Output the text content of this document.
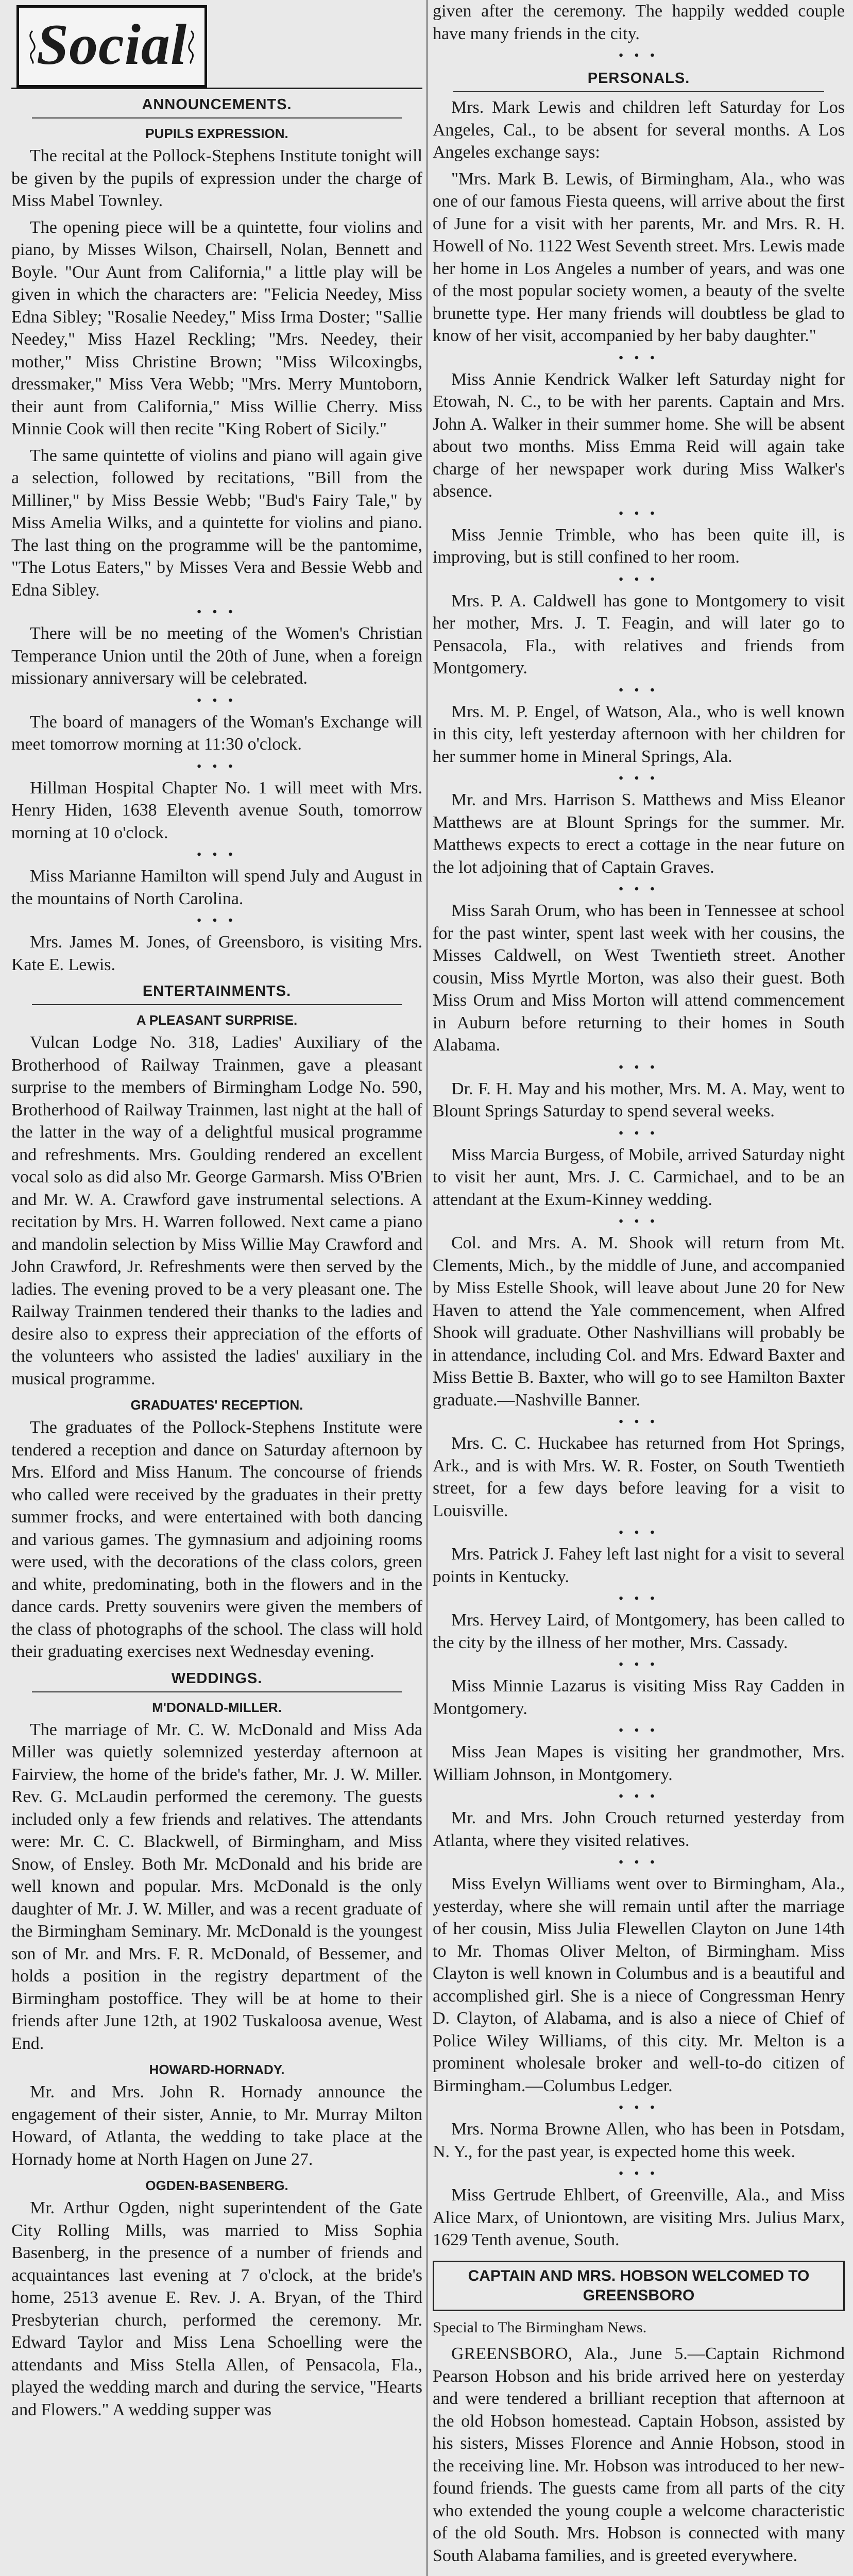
Social
ANNOUNCEMENTS.
PUPILS EXPRESSION.

The recital at the Pollock-Stephens Institute tonight will be given by the pupils of expression under the charge of Miss Mabel Townley.

The opening piece will be a quintette, four violins and piano, by Misses Wilson, Chairsell, Nolan, Bennett and Boyle. "Our Aunt from California," a little play will be given in which the characters are: "Felicia Needey, Miss Edna Sibley; "Rosalie Needey," Miss Irma Doster; "Sallie Needey," Miss Hazel Reckling; "Mrs. Needey, their mother," Miss Christine Brown; "Miss Wilcoxingbs, dressmaker," Miss Vera Webb; "Mrs. Merry Muntoborn, their aunt from California," Miss Willie Cherry. Miss Minnie Cook will then recite "King Robert of Sicily."

The same quintette of violins and piano will again give a selection, followed by recitations, "Bill from the Milliner," by Miss Bessie Webb; "Bud's Fairy Tale," by Miss Amelia Wilks, and a quintette for violins and piano. The last thing on the programme will be the pantomime, "The Lotus Eaters," by Misses Vera and Bessie Webb and Edna Sibley.

• • •

There will be no meeting of the Women's Christian Temperance Union until the 20th of June, when a foreign missionary anniversary will be celebrated.

• • •

The board of managers of the Woman's Exchange will meet tomorrow morning at 11:30 o'clock.

• • •

Hillman Hospital Chapter No. 1 will meet with Mrs. Henry Hiden, 1638 Eleventh avenue South, tomorrow morning at 10 o'clock.

• • •

Miss Marianne Hamilton will spend July and August in the mountains of North Carolina.

• • •

Mrs. James M. Jones, of Greensboro, is visiting Mrs. Kate E. Lewis.

ENTERTAINMENTS.
A PLEASANT SURPRISE.

Vulcan Lodge No. 318, Ladies' Auxiliary of the Brotherhood of Railway Trainmen, gave a pleasant surprise to the members of Birmingham Lodge No. 590, Brotherhood of Railway Trainmen, last night at the hall of the latter in the way of a delightful musical programme and refreshments. Mrs. Goulding rendered an excellent vocal solo as did also Mr. George Garmarsh. Miss O'Brien and Mr. W. A. Crawford gave instrumental selections. A recitation by Mrs. H. Warren followed. Next came a piano and mandolin selection by Miss Willie May Crawford and John Crawford, Jr. Refreshments were then served by the ladies. The evening proved to be a very pleasant one. The Railway Trainmen tendered their thanks to the ladies and desire also to express their appreciation of the efforts of the volunteers who assisted the ladies' auxiliary in the musical programme.

GRADUATES' RECEPTION.

The graduates of the Pollock-Stephens Institute were tendered a reception and dance on Saturday afternoon by Mrs. Elford and Miss Hanum. The concourse of friends who called were received by the graduates in their pretty summer frocks, and were entertained with both dancing and various games. The gymnasium and adjoining rooms were used, with the decorations of the class colors, green and white, predominating, both in the flowers and in the dance cards. Pretty souvenirs were given the members of the class of photographs of the school. The class will hold their graduating exercises next Wednesday evening.

WEDDINGS.
M'DONALD-MILLER.

The marriage of Mr. C. W. McDonald and Miss Ada Miller was quietly solemnized yesterday afternoon at Fairview, the home of the bride's father, Mr. J. W. Miller. Rev. G. McLaudin performed the ceremony. The guests included only a few friends and relatives. The attendants were: Mr. C. C. Blackwell, of Birmingham, and Miss Snow, of Ensley. Both Mr. McDonald and his bride are well known and popular. Mrs. McDonald is the only daughter of Mr. J. W. Miller, and was a recent graduate of the Birmingham Seminary. Mr. McDonald is the youngest son of Mr. and Mrs. F. R. McDonald, of Bessemer, and holds a position in the registry department of the Birmingham postoffice. They will be at home to their friends after June 12th, at 1902 Tuskaloosa avenue, West End.

HOWARD-HORNADY.

Mr. and Mrs. John R. Hornady announce the engagement of their sister, Annie, to Mr. Murray Milton Howard, of Atlanta, the wedding to take place at the Hornady home at North Hagen on June 27.

OGDEN-BASENBERG.

Mr. Arthur Ogden, night superintendent of the Gate City Rolling Mills, was married to Miss Sophia Basenberg, in the presence of a number of friends and acquaintances last evening at 7 o'clock, at the bride's home, 2513 avenue E. Rev. J. A. Bryan, of the Third Presbyterian church, performed the ceremony. Mr. Edward Taylor and Miss Lena Schoelling were the attendants and Miss Stella Allen, of Pensacola, Fla., played the wedding march and during the service, "Hearts and Flowers." A wedding supper was

given after the ceremony. The happily wedded couple have many friends in the city.

• • •
PERSONALS.

Mrs. Mark Lewis and children left Saturday for Los Angeles, Cal., to be absent for several months. A Los Angeles exchange says:

"Mrs. Mark B. Lewis, of Birmingham, Ala., who was one of our famous Fiesta queens, will arrive about the first of June for a visit with her parents, Mr. and Mrs. R. H. Howell of No. 1122 West Seventh street. Mrs. Lewis made her home in Los Angeles a number of years, and was one of the most popular society women, a beauty of the svelte brunette type. Her many friends will doubtless be glad to know of her visit, accompanied by her baby daughter."

• • •

Miss Annie Kendrick Walker left Saturday night for Etowah, N. C., to be with her parents. Captain and Mrs. John A. Walker in their summer home. She will be absent about two months. Miss Emma Reid will again take charge of her newspaper work during Miss Walker's absence.

• • •

Miss Jennie Trimble, who has been quite ill, is improving, but is still confined to her room.

• • •

Mrs. P. A. Caldwell has gone to Montgomery to visit her mother, Mrs. J. T. Feagin, and will later go to Pensacola, Fla., with relatives and friends from Montgomery.

• • •

Mrs. M. P. Engel, of Watson, Ala., who is well known in this city, left yesterday afternoon with her children for her summer home in Mineral Springs, Ala.

• • •

Mr. and Mrs. Harrison S. Matthews and Miss Eleanor Matthews are at Blount Springs for the summer. Mr. Matthews expects to erect a cottage in the near future on the lot adjoining that of Captain Graves.

• • •

Miss Sarah Orum, who has been in Tennessee at school for the past winter, spent last week with her cousins, the Misses Caldwell, on West Twentieth street. Another cousin, Miss Myrtle Morton, was also their guest. Both Miss Orum and Miss Morton will attend commencement in Auburn before returning to their homes in South Alabama.

• • •

Dr. F. H. May and his mother, Mrs. M. A. May, went to Blount Springs Saturday to spend several weeks.

• • •

Miss Marcia Burgess, of Mobile, arrived Saturday night to visit her aunt, Mrs. J. C. Carmichael, and to be an attendant at the Exum-Kinney wedding.

• • •

Col. and Mrs. A. M. Shook will return from Mt. Clements, Mich., by the middle of June, and accompanied by Miss Estelle Shook, will leave about June 20 for New Haven to attend the Yale commencement, when Alfred Shook will graduate. Other Nashvillians will probably be in attendance, including Col. and Mrs. Edward Baxter and Miss Bettie B. Baxter, who will go to see Hamilton Baxter graduate.—Nashville Banner.

• • •

Mrs. C. C. Huckabee has returned from Hot Springs, Ark., and is with Mrs. W. R. Foster, on South Twentieth street, for a few days before leaving for a visit to Louisville.

• • •

Mrs. Patrick J. Fahey left last night for a visit to several points in Kentucky.

• • •

Mrs. Hervey Laird, of Montgomery, has been called to the city by the illness of her mother, Mrs. Cassady.

• • •

Miss Minnie Lazarus is visiting Miss Ray Cadden in Montgomery.

• • •

Miss Jean Mapes is visiting her grandmother, Mrs. William Johnson, in Montgomery.

• • •

Mr. and Mrs. John Crouch returned yesterday from Atlanta, where they visited relatives.

• • •

Miss Evelyn Williams went over to Birmingham, Ala., yesterday, where she will remain until after the marriage of her cousin, Miss Julia Flewellen Clayton on June 14th to Mr. Thomas Oliver Melton, of Birmingham. Miss Clayton is well known in Columbus and is a beautiful and accomplished girl. She is a niece of Congressman Henry D. Clayton, of Alabama, and is also a niece of Chief of Police Wiley Williams, of this city. Mr. Melton is a prominent wholesale broker and well-to-do citizen of Birmingham.—Columbus Ledger.

• • •

Mrs. Norma Browne Allen, who has been in Potsdam, N. Y., for the past year, is expected home this week.

• • •

Miss Gertrude Ehlbert, of Greenville, Ala., and Miss Alice Marx, of Uniontown, are visiting Mrs. Julius Marx, 1629 Tenth avenue, South.

CAPTAIN AND MRS. HOBSON WELCOMED TO GREENSBORO

Special to The Birmingham News.

GREENSBORO, Ala., June 5.—Captain Richmond Pearson Hobson and his bride arrived here on yesterday and were tendered a brilliant reception that afternoon at the old Hobson homestead. Captain Hobson, assisted by his sisters, Misses Florence and Annie Hobson, stood in the receiving line. Mr. Hobson was introduced to her new-found friends. The guests came from all parts of the city who extended the young couple a welcome characteristic of the old South. Mrs. Hobson is connected with many South Alabama families, and is greeted everywhere.
